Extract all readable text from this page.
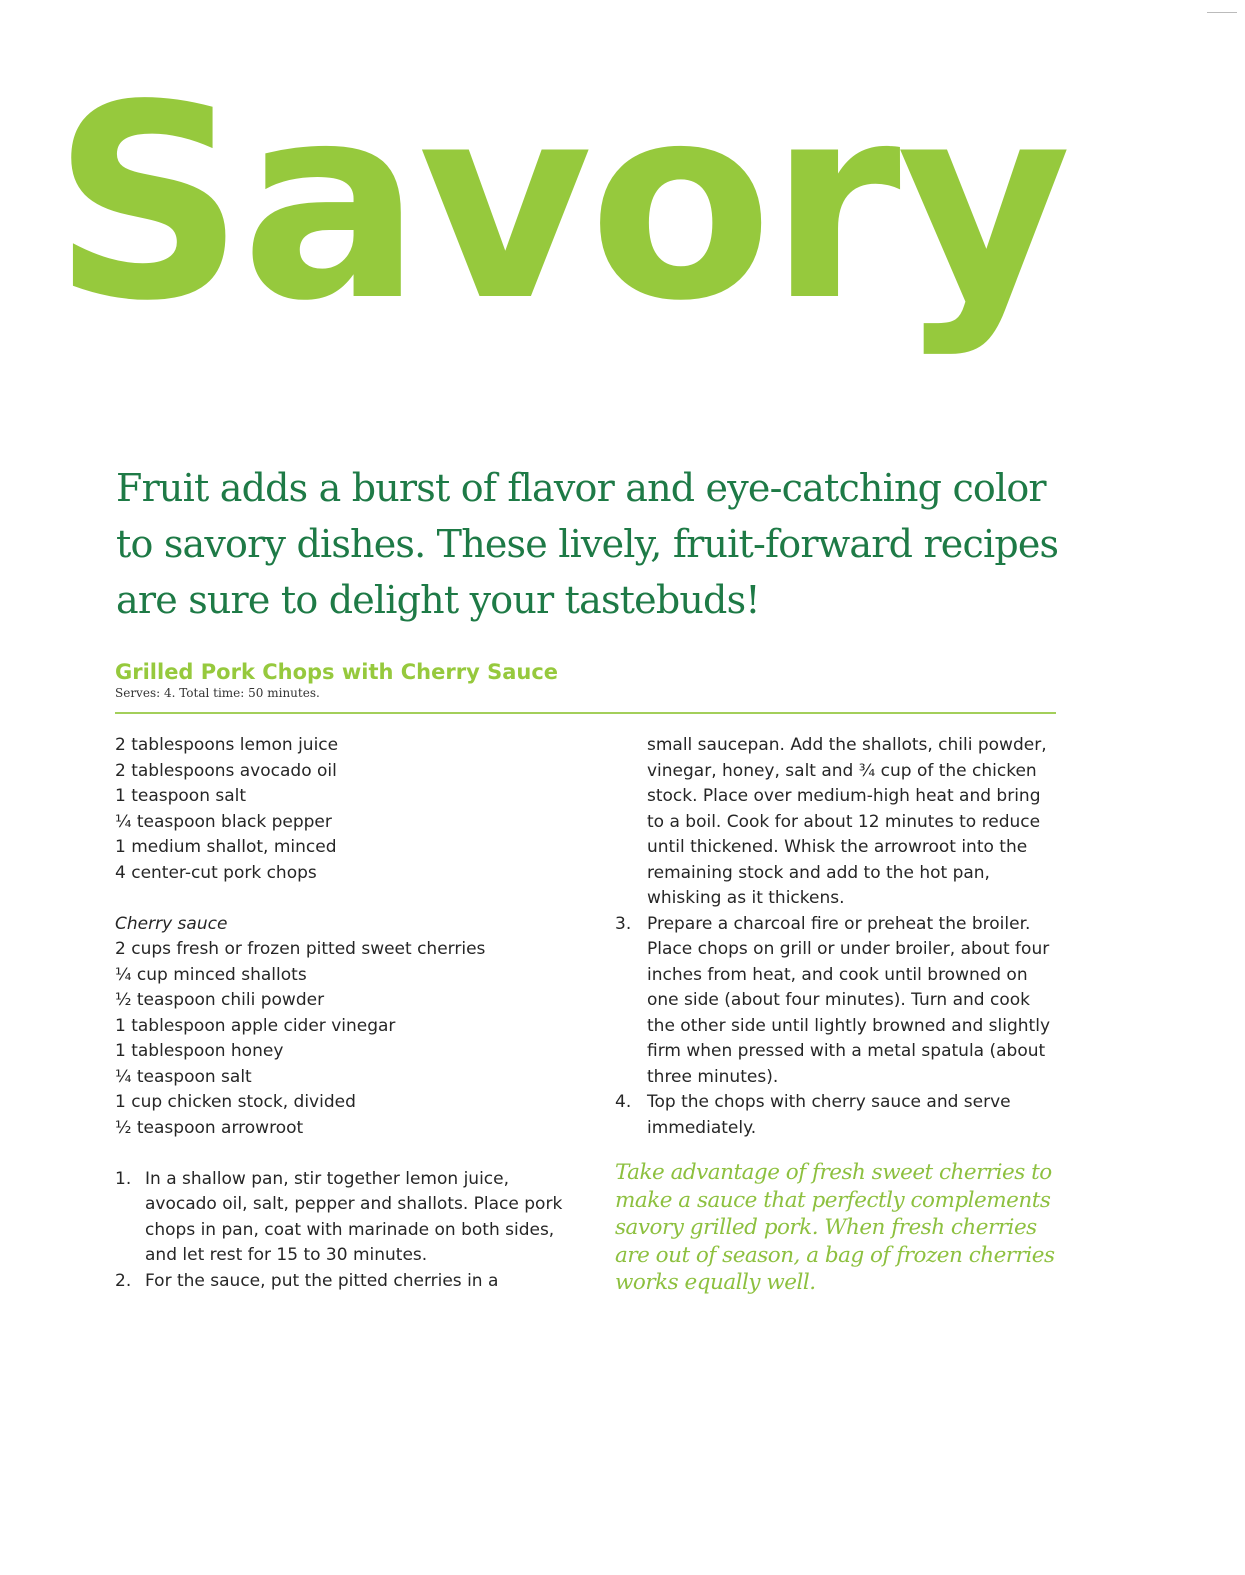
Savory

Fruit adds a burst of flavor and eye-catching color to savory dishes. These lively, fruit-forward recipes are sure to delight your tastebuds!

Grilled Pork Chops with Cherry Sauce

Serves: 4. Total time: 50 minutes.

2 tablespoons lemon juice
2 tablespoons avocado oil
1 teaspoon salt
¼ teaspoon black pepper
1 medium shallot, minced
4 center-cut pork chops
Cherry sauce
2 cups fresh or frozen pitted sweet cherries
¼ cup minced shallots
½ teaspoon chili powder
1 tablespoon apple cider vinegar
1 tablespoon honey
¼ teaspoon salt
1 cup chicken stock, divided
½ teaspoon arrowroot
1. In a shallow pan, stir together lemon juice, avocado oil, salt, pepper and shallots. Place pork chops in pan, coat with marinade on both sides, and let rest for 15 to 30 minutes.
2. For the sauce, put the pitted cherries in a
small saucepan. Add the shallots, chili powder, vinegar, honey, salt and ¾ cup of the chicken stock. Place over medium-high heat and bring to a boil. Cook for about 12 minutes to reduce until thickened. Whisk the arrowroot into the remaining stock and add to the hot pan, whisking as it thickens.
3. Prepare a charcoal fire or preheat the broiler. Place chops on grill or under broiler, about four inches from heat, and cook until browned on one side (about four minutes). Turn and cook the other side until lightly browned and slightly firm when pressed with a metal spatula (about three minutes).
4. Top the chops with cherry sauce and serve immediately.

Take advantage of fresh sweet cherries to make a sauce that perfectly complements savory grilled pork. When fresh cherries are out of season, a bag of frozen cherries works equally well.
